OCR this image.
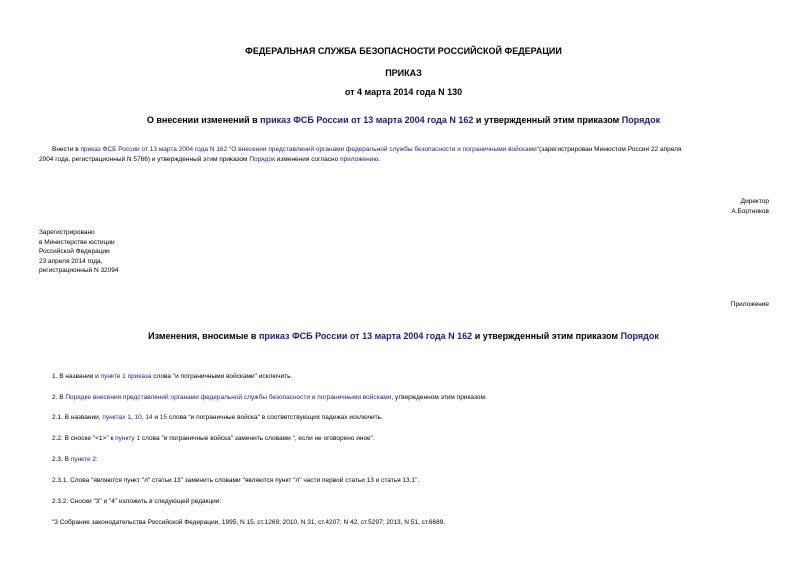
ФЕДЕРАЛЬНАЯ СЛУЖБА БЕЗОПАСНОСТИ РОССИЙСКОЙ ФЕДЕРАЦИИ
ПРИКАЗ
от 4 марта 2014 года N 130
О внесении изменений в приказ ФСБ России от 13 марта 2004 года N 162 и утвержденный этим приказом Порядок
Внести в приказ ФСБ России от 13 марта 2004 года N 162 "О внесении представлений органами федеральной службы безопасности и пограничными войсками"(зарегистрирован Минюстом России 22 апреля
2004 года, регистрационный N 5766) и утвержденный этим приказом Порядок изменения согласно приложению.
Директор
А.Бортников
Зарегистрировано
в Министерстве юстиции
Российской Федерации
23 апреля 2014 года,
регистрационный N 32094
Приложение
Изменения, вносимые в приказ ФСБ России от 13 марта 2004 года N 162 и утвержденный этим приказом Порядок
1. В названии и пункте 1 приказа слова "и пограничными войсками" исключить.
2. В Порядке внесения представлений органами федеральной службы безопасности и пограничными войсками, утвержденном этим приказом:
2.1. В названии, пунктах 1, 10, 14 и 15 слова "и пограничные войска" в соответствующих падежах исключить.
2.2. В сноске "<1>" к пункту 1 слова "и пограничные войска" заменить словами ", если не оговорено иное".
2.3. В пункте 2:
2.3.1. Слова "являются пункт "л" статьи 13" заменить словами "являются пункт "л" части первой статьи 13 и статья 13.1".
2.3.2. Сноски "3" и "4" изложить в следующей редакции:
"3 Собрание законодательства Российской Федерации, 1995, N 15, ст.1269; 2010, N 31, ст.4207; N 42, ст.5297; 2013, N 51, ст.6689.
